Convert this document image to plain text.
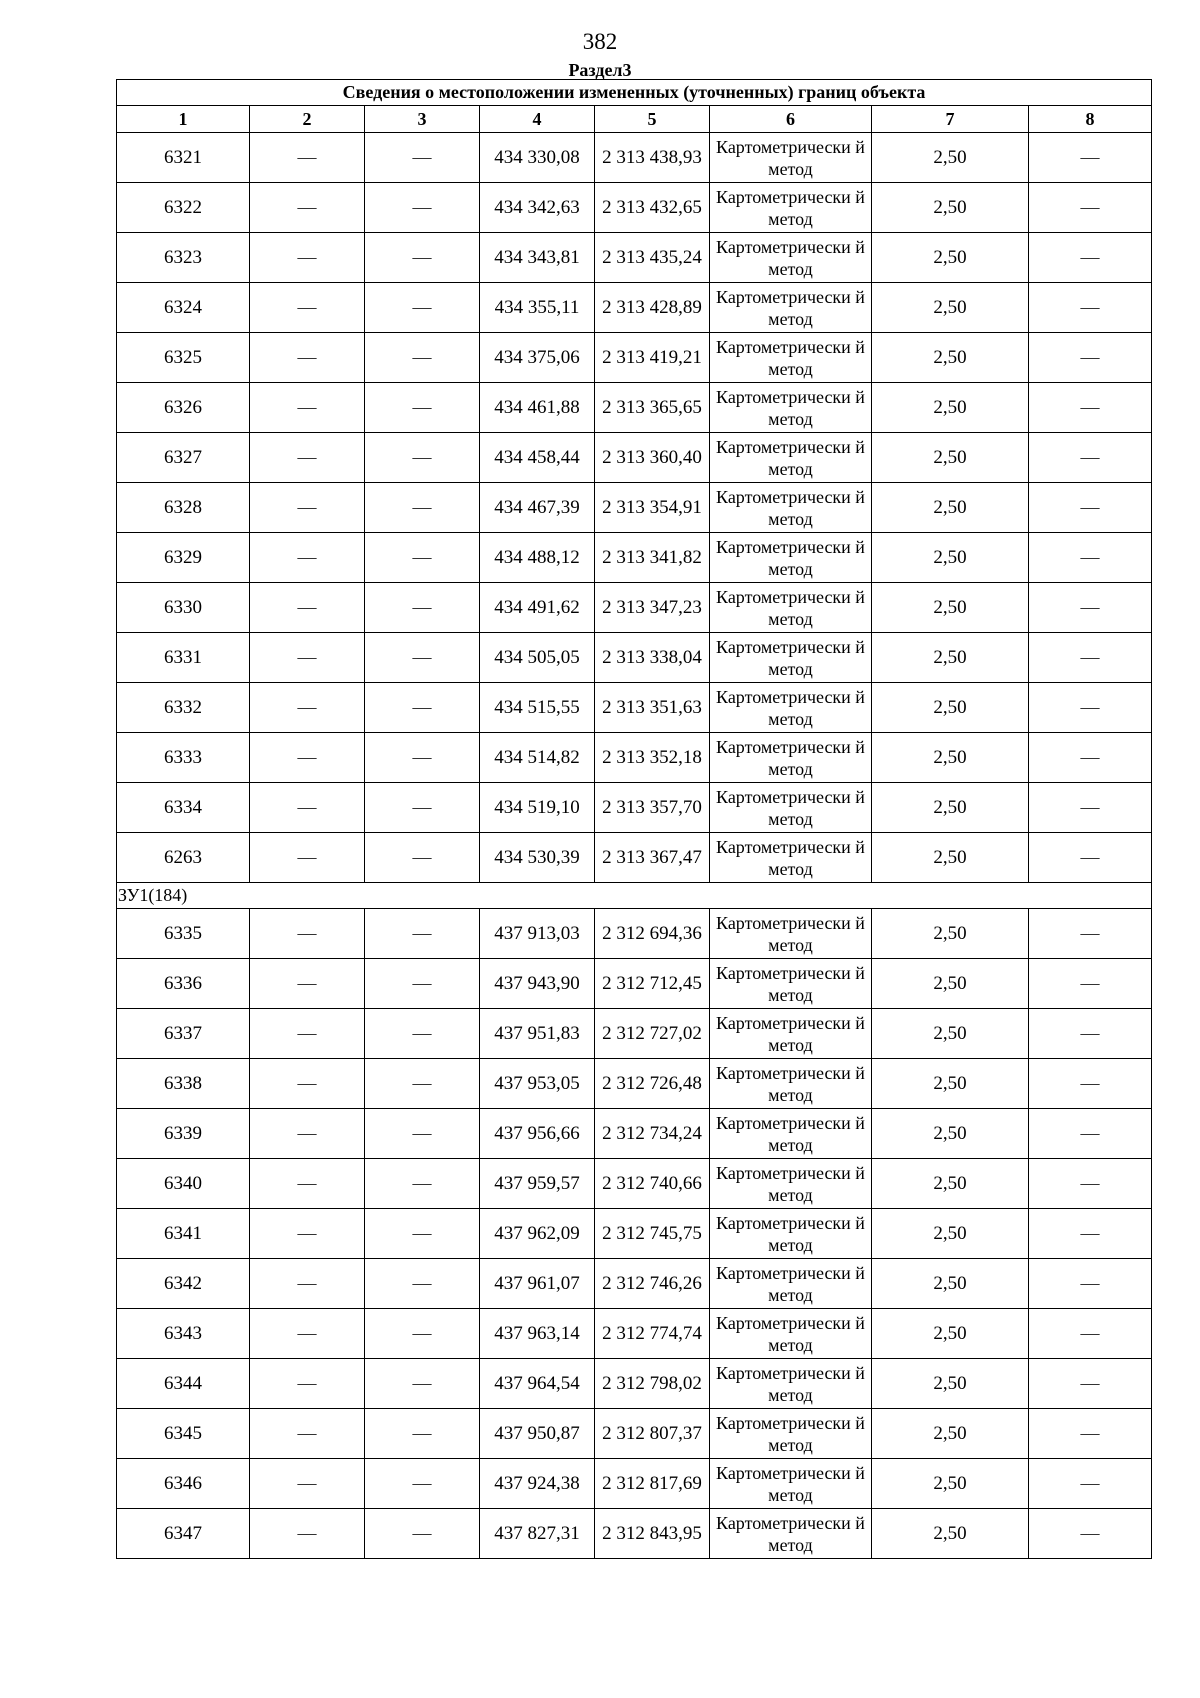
382
Раздел3
Сведения о местоположении измененных (уточненных) границ объекта							
1	2	3	4	5	6	7	8
6321	—	—	434 330,08	2 313 438,93	Картометрически й метод	2,50	—
6322	—	—	434 342,63	2 313 432,65	Картометрически й метод	2,50	—
6323	—	—	434 343,81	2 313 435,24	Картометрически й метод	2,50	—
6324	—	—	434 355,11	2 313 428,89	Картометрически й метод	2,50	—
6325	—	—	434 375,06	2 313 419,21	Картометрически й метод	2,50	—
6326	—	—	434 461,88	2 313 365,65	Картометрически й метод	2,50	—
6327	—	—	434 458,44	2 313 360,40	Картометрически й метод	2,50	—
6328	—	—	434 467,39	2 313 354,91	Картометрически й метод	2,50	—
6329	—	—	434 488,12	2 313 341,82	Картометрически й метод	2,50	—
6330	—	—	434 491,62	2 313 347,23	Картометрически й метод	2,50	—
6331	—	—	434 505,05	2 313 338,04	Картометрически й метод	2,50	—
6332	—	—	434 515,55	2 313 351,63	Картометрически й метод	2,50	—
6333	—	—	434 514,82	2 313 352,18	Картометрически й метод	2,50	—
6334	—	—	434 519,10	2 313 357,70	Картометрически й метод	2,50	—
6263	—	—	434 530,39	2 313 367,47	Картометрически й метод	2,50	—
ЗУ1(184)							
6335	—	—	437 913,03	2 312 694,36	Картометрически й метод	2,50	—
6336	—	—	437 943,90	2 312 712,45	Картометрически й метод	2,50	—
6337	—	—	437 951,83	2 312 727,02	Картометрически й метод	2,50	—
6338	—	—	437 953,05	2 312 726,48	Картометрически й метод	2,50	—
6339	—	—	437 956,66	2 312 734,24	Картометрически й метод	2,50	—
6340	—	—	437 959,57	2 312 740,66	Картометрически й метод	2,50	—
6341	—	—	437 962,09	2 312 745,75	Картометрически й метод	2,50	—
6342	—	—	437 961,07	2 312 746,26	Картометрически й метод	2,50	—
6343	—	—	437 963,14	2 312 774,74	Картометрически й метод	2,50	—
6344	—	—	437 964,54	2 312 798,02	Картометрически й метод	2,50	—
6345	—	—	437 950,87	2 312 807,37	Картометрически й метод	2,50	—
6346	—	—	437 924,38	2 312 817,69	Картометрически й метод	2,50	—
6347	—	—	437 827,31	2 312 843,95	Картометрически й метод	2,50	—
